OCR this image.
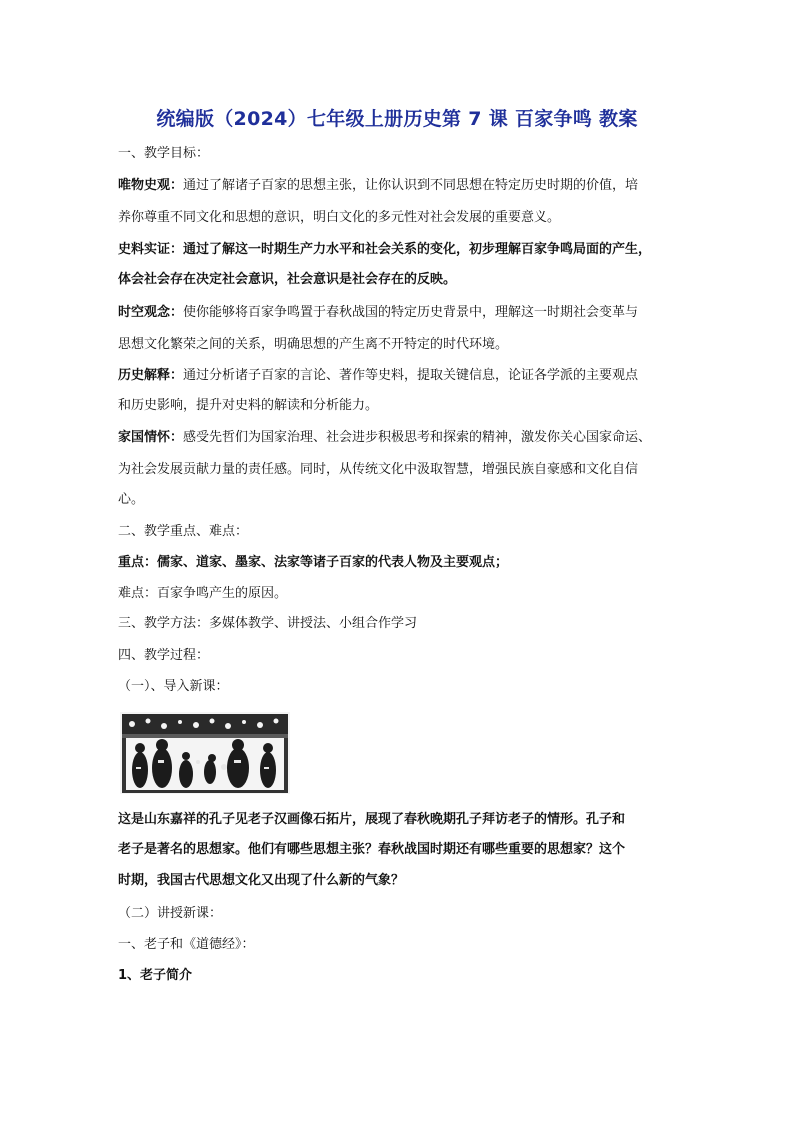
统编版（2024）七年级上册历史第 7 课 百家争鸣 教案
一、教学目标：
唯物史观：通过了解诸子百家的思想主张，让你认识到不同思想在特定历史时期的价值，培
养你尊重不同文化和思想的意识，明白文化的多元性对社会发展的重要意义。
史料实证：通过了解这一时期生产力水平和社会关系的变化，初步理解百家争鸣局面的产生，
体会社会存在决定社会意识，社会意识是社会存在的反映。
时空观念：使你能够将百家争鸣置于春秋战国的特定历史背景中，理解这一时期社会变革与
思想文化繁荣之间的关系，明确思想的产生离不开特定的时代环境。
历史解释：通过分析诸子百家的言论、著作等史料，提取关键信息，论证各学派的主要观点
和历史影响，提升对史料的解读和分析能力。
家国情怀：感受先哲们为国家治理、社会进步积极思考和探索的精神，激发你关心国家命运、
为社会发展贡献力量的责任感。同时，从传统文化中汲取智慧，增强民族自豪感和文化自信
心。
二、教学重点、难点：
重点：儒家、道家、墨家、法家等诸子百家的代表人物及主要观点；
难点：百家争鸣产生的原因。
三、教学方法：多媒体教学、讲授法、小组合作学习
四、教学过程：
（一）、导入新课：
这是山东嘉祥的孔子见老子汉画像石拓片，展现了春秋晚期孔子拜访老子的情形。孔子和
老子是著名的思想家。他们有哪些思想主张？春秋战国时期还有哪些重要的思想家？这个
时期，我国古代思想文化又出现了什么新的气象？
（二）讲授新课：
一、老子和《道德经》：
1、老子简介
